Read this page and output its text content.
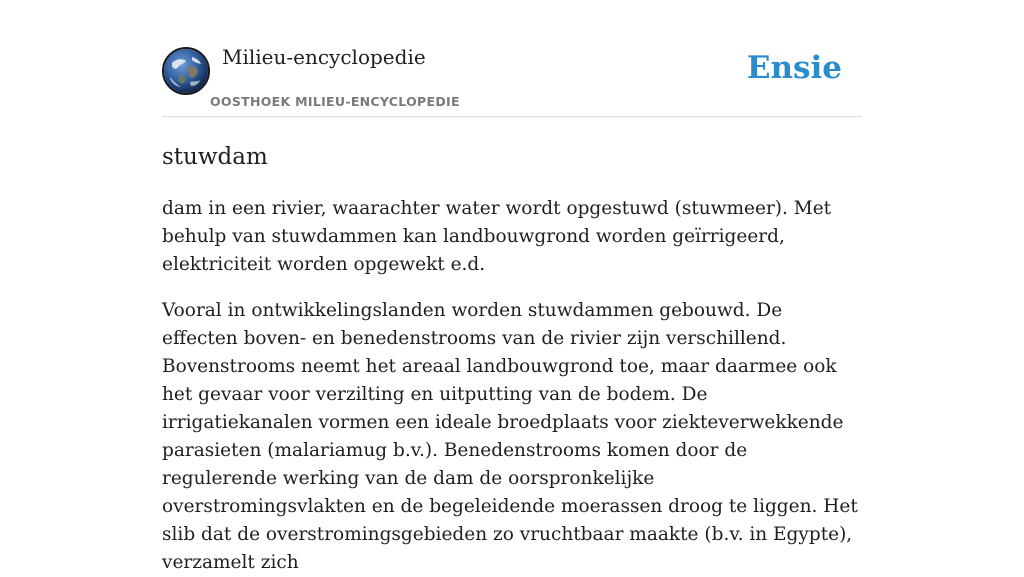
Milieu-encyclopedie
OOSTHOEK MILIEU-ENCYCLOPEDIE
Ensie
stuwdam

dam in een rivier, waarachter water wordt opgestuwd (stuwmeer). Met behulp van stuwdammen kan landbouwgrond worden geïrrigeerd, elektriciteit worden opgewekt e.d.

Vooral in ontwikkelingslanden worden stuwdammen gebouwd. De effecten boven- en benedenstrooms van de rivier zijn verschillend. Bovenstrooms neemt het areaal landbouwgrond toe, maar daarmee ook het gevaar voor verzilting en uitputting van de bodem. De irrigatiekanalen vormen een ideale broedplaats voor ziekteverwekkende parasieten (malariamug b.v.). Benedenstrooms komen door de regulerende werking van de dam de oorspronkelijke overstromingsvlakten en de begeleidende moerassen droog te liggen. Het slib dat de overstromingsgebieden zo vruchtbaar maakte (b.v. in Egypte), verzamelt zich
